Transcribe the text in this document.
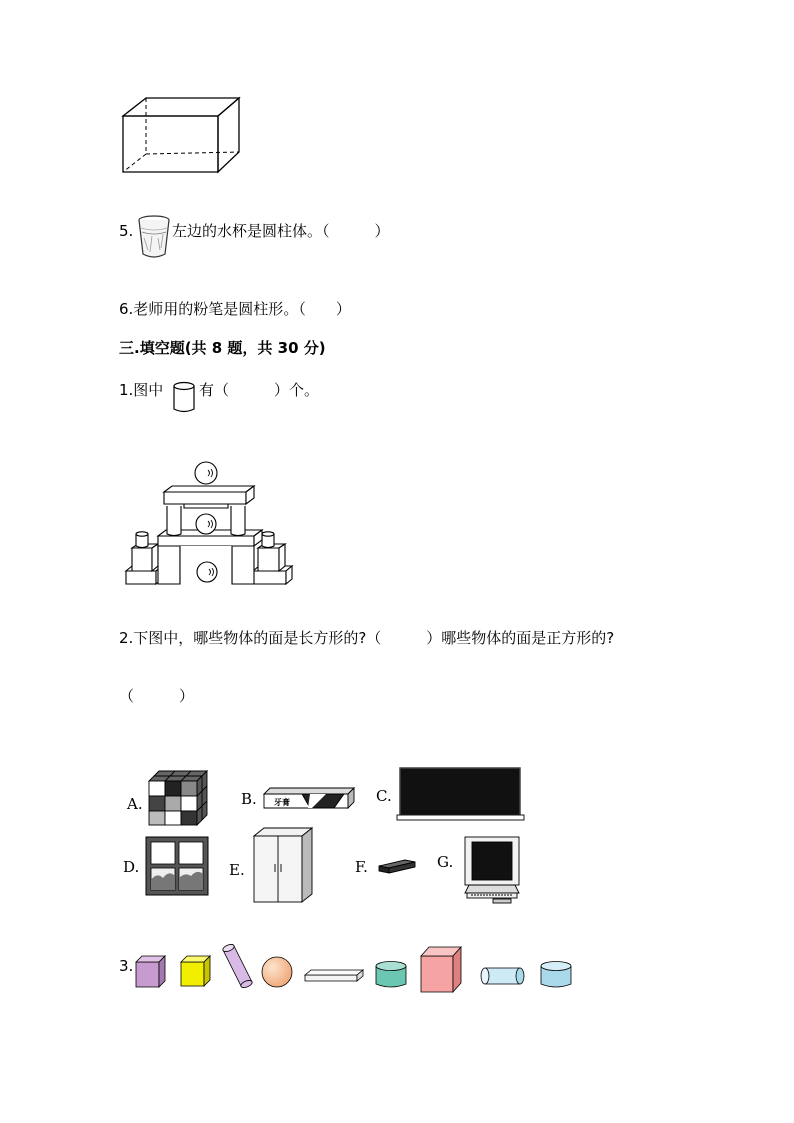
5.	左边的水杯是圆柱体。（　　　）
6.老师用的粉笔是圆柱形。（　　）
三.填空题(共 8 题，共 30 分)
1.图中 有（　　　）个。
2.下图中，哪些物体的面是长方形的?（　　　）哪些物体的面是正方形的?
（　　　）
A.	B. 牙膏	C.
D.	E.	F.	G.
3.
